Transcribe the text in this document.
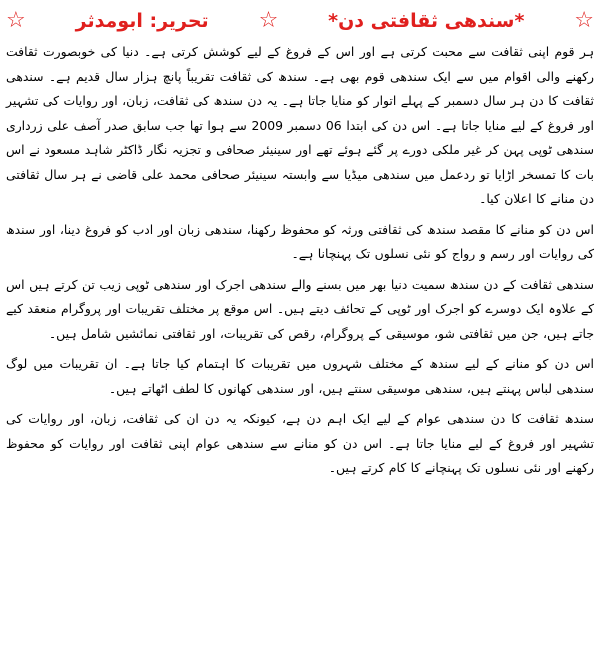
☆
*سندھی ثقافتی دن*
☆
تحریر: ابومدثر
☆

ہر قوم اپنی ثقافت سے محبت کرتی ہے اور اس کے فروغ کے لیے کوشش کرتی ہے۔ دنیا کی خوبصورت ثقافت رکھنے والی اقوام میں سے ایک سندھی قوم بھی ہے۔ سندھ کی ثقافت تقریباً پانچ ہزار سال قدیم ہے۔ سندھی ثقافت کا دن ہر سال دسمبر کے پہلے اتوار کو منایا جاتا ہے۔ یہ دن سندھ کی ثقافت، زبان، اور روایات کی تشہیر اور فروغ کے لیے منایا جاتا ہے۔ اس دن کی ابتدا 06 دسمبر 2009 سے ہوا تھا جب سابق صدر آصف علی زرداری سندھی ٹوپی پہن کر غیر ملکی دورے پر گئے ہوئے تھے اور سینیئر صحافی و تجزیہ نگار ڈاکٹر شاہد مسعود نے اس بات کا تمسخر اڑایا تو ردعمل میں سندھی میڈیا سے وابستہ سینیئر صحافی محمد علی قاضی نے ہر سال ثقافتی دن منانے کا اعلان کیا۔

اس دن کو منانے کا مقصد سندھ کی ثقافتی ورثہ کو محفوظ رکھنا، سندھی زبان اور ادب کو فروغ دینا، اور سندھ کی روایات اور رسم و رواج کو نئی نسلوں تک پہنچانا ہے۔

سندھی ثقافت کے دن سندھ سمیت دنیا بھر میں بسنے والے سندھی اجرک اور سندھی ٹوپی زیب تن کرتے ہیں اس کے علاوہ ایک دوسرے کو اجرک اور ٹوپی کے تحائف دیتے ہیں۔ اس موقع پر مختلف تقریبات اور پروگرام منعقد کیے جاتے ہیں، جن میں ثقافتی شو، موسیقی کے پروگرام، رقص کی تقریبات، اور ثقافتی نمائشیں شامل ہیں۔

اس دن کو منانے کے لیے سندھ کے مختلف شہروں میں تقریبات کا اہتمام کیا جاتا ہے۔ ان تقریبات میں لوگ سندھی لباس پہنتے ہیں، سندھی موسیقی سنتے ہیں، اور سندھی کھانوں کا لطف اٹھاتے ہیں۔

سندھ ثقافت کا دن سندھی عوام کے لیے ایک اہم دن ہے، کیونکہ یہ دن ان کی ثقافت، زبان، اور روایات کی تشہیر اور فروغ کے لیے منایا جاتا ہے۔ اس دن کو منانے سے سندھی عوام اپنی ثقافت اور روایات کو محفوظ رکھنے اور نئی نسلوں تک پہنچانے کا کام کرتے ہیں۔
